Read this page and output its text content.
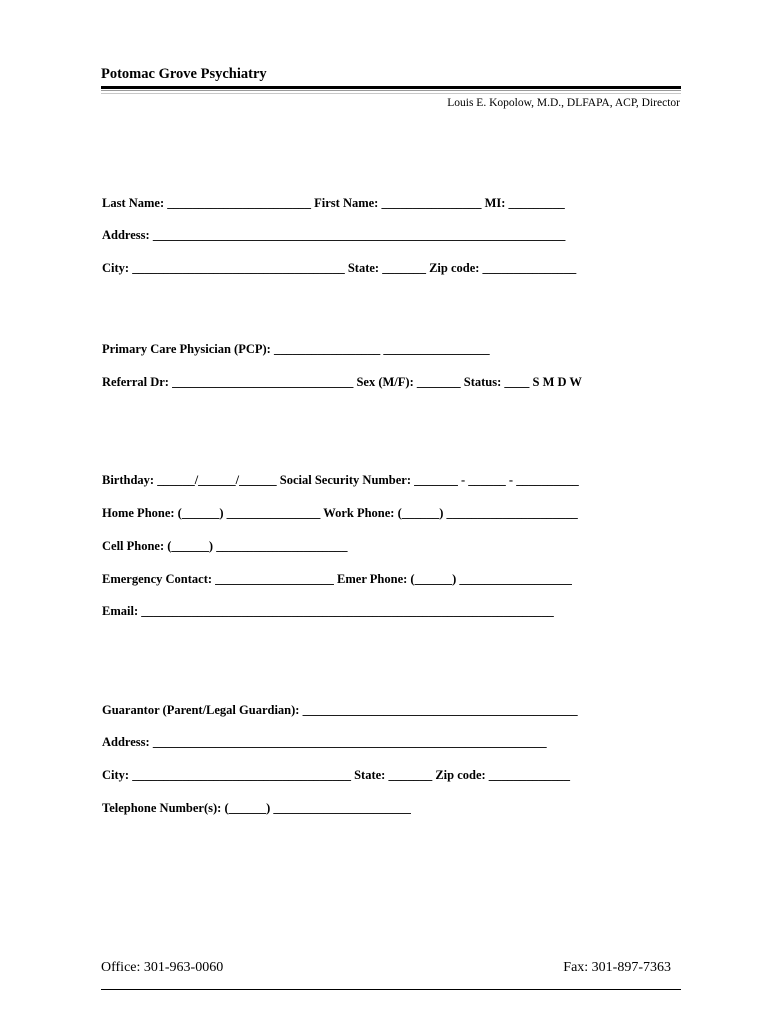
Potomac Grove Psychiatry
Louis E. Kopolow, M.D., DLFAPA, ACP, Director
Last Name: _______________________ First Name: ________________ MI: _________
Address: __________________________________________________________________
City: __________________________________ State: _______ Zip code: _______________
Primary Care Physician (PCP): _________________ _________________
Referral Dr: _____________________________ Sex (M/F): _______ Status: ____ S M D W
Birthday: ______/______/______ Social Security Number: _______ - ______ - __________
Home Phone: (______) _______________ Work Phone: (______) _____________________
Cell Phone: (______) _____________________
Emergency Contact: ___________________ Emer Phone: (______) __________________
Email: __________________________________________________________________
Guarantor (Parent/Legal Guardian): ____________________________________________
Address: _______________________________________________________________
City: ___________________________________ State: _______ Zip code: _____________
Telephone Number(s): (______) ______________________
Office: 301-963-0060	Fax: 301-897-7363
